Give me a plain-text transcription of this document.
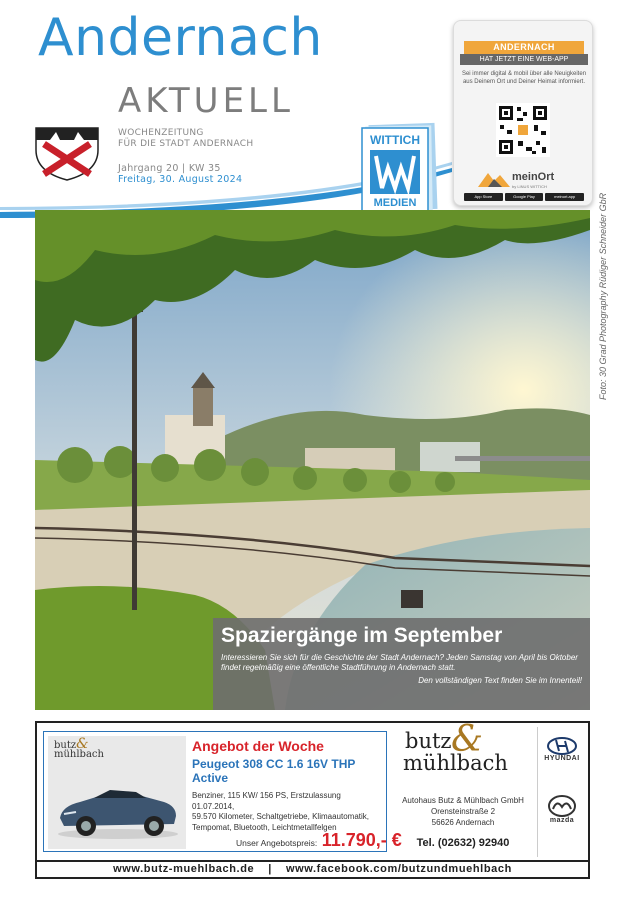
Andernach
AKTUELL
WOCHENZEITUNG
FÜR DIE STADT ANDERNACH
Jahrgang 20 | KW 35
Freitag, 30. August 2024
WITTICH
MEDIEN
ANDERNACH
HAT JETZT EINE WEB-APP
Sei immer digital & mobil über alle Neuigkeiten aus Deinem Ort und Deiner Heimat informiert.
meinOrt
by LINUS WITTICH
App Store	Google Play	meinort.app	Foto: 30 Grad Photography Rüdiger Schneider GbR
Spaziergänge im September
Interessieren Sie sich für die Geschichte der Stadt Andernach? Jeden Samstag von April bis Oktober findet regelmäßig eine öffentliche Stadtführung in Andernach statt.
Den vollständigen Text finden Sie im Innenteil!
butz&
mühlbach
Angebot der Woche
Peugeot 308 CC 1.6 16V THP Active
Benziner, 115 KW/ 156 PS, Erstzulassung 01.07.2014,
59.570 Kilometer, Schaltgetriebe, Klimaautomatik,
Tempomat, Bluetooth, Leichtmetallfelgen
Unser Angebotspreis: 11.790,- €
butz &
mühlbach
Autohaus Butz & Mühlbach GmbH
Orensteinstraße 2
56626 Andernach
Tel. (02632) 92940
HYUNDAI
mazda
www.butz-muehlbach.de | www.facebook.com/butzundmuehlbach
